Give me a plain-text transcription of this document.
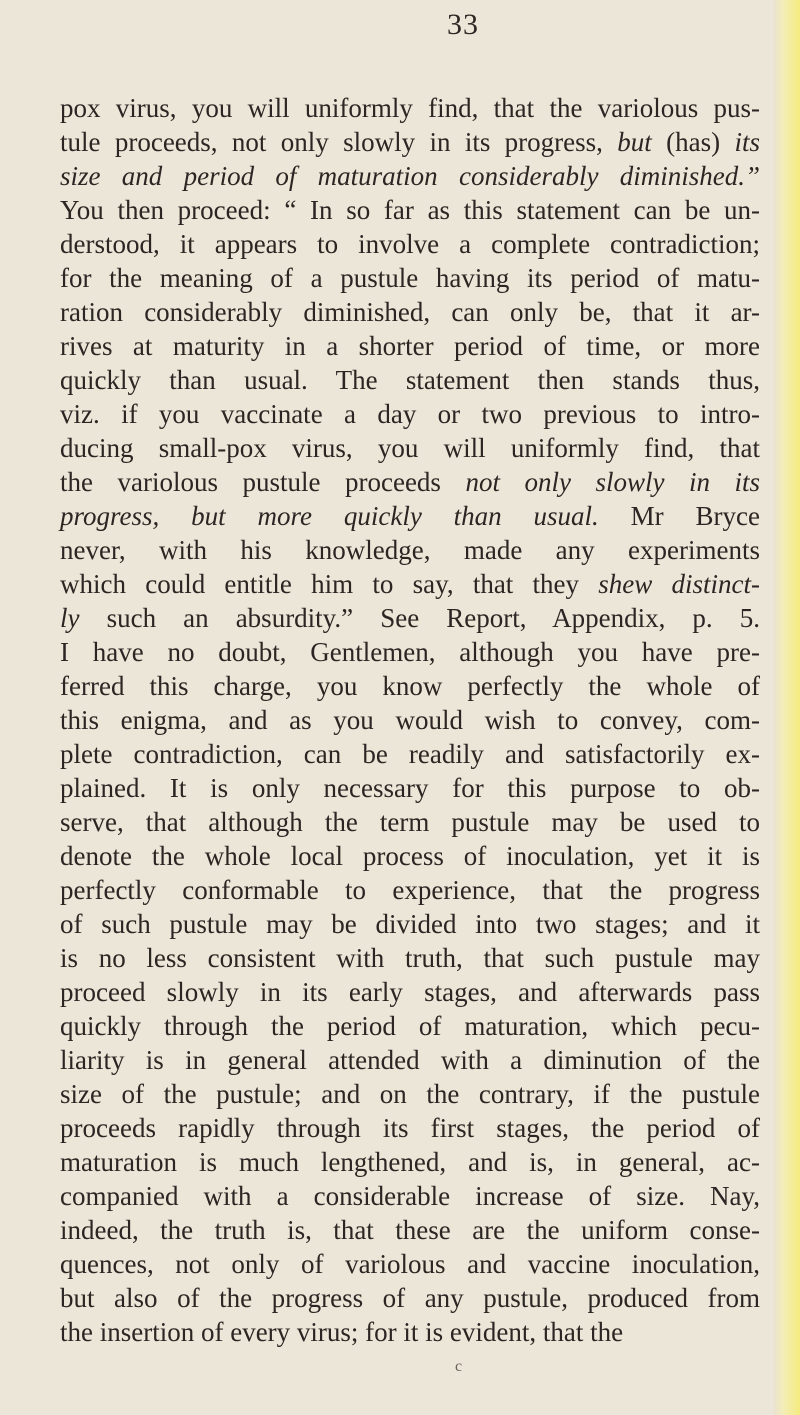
33
pox virus, you will uniformly find, that the variolous pus-
tule proceeds, not only slowly in its progress, but (has) its
size and period of maturation considerably diminished.”
You then proceed: “ In so far as this statement can be un-
derstood, it appears to involve a complete contradiction;
for the meaning of a pustule having its period of matu-
ration considerably diminished, can only be, that it ar-
rives at maturity in a shorter period of time, or more
quickly than usual. The statement then stands thus,
viz. if you vaccinate a day or two previous to intro-
ducing small-pox virus, you will uniformly find, that
the variolous pustule proceeds not only slowly in its
progress, but more quickly than usual. Mr Bryce
never, with his knowledge, made any experiments
which could entitle him to say, that they shew distinct-
ly such an absurdity.” See Report, Appendix, p. 5.
I have no doubt, Gentlemen, although you have pre-
ferred this charge, you know perfectly the whole of
this enigma, and as you would wish to convey, com-
plete contradiction, can be readily and satisfactorily ex-
plained. It is only necessary for this purpose to ob-
serve, that although the term pustule may be used to
denote the whole local process of inoculation, yet it is
perfectly conformable to experience, that the progress
of such pustule may be divided into two stages; and it
is no less consistent with truth, that such pustule may
proceed slowly in its early stages, and afterwards pass
quickly through the period of maturation, which pecu-
liarity is in general attended with a diminution of the
size of the pustule; and on the contrary, if the pustule
proceeds rapidly through its first stages, the period of
maturation is much lengthened, and is, in general, ac-
companied with a considerable increase of size. Nay,
indeed, the truth is, that these are the uniform conse-
quences, not only of variolous and vaccine inoculation,
but also of the progress of any pustule, produced from
the insertion of every virus; for it is evident, that the
c
